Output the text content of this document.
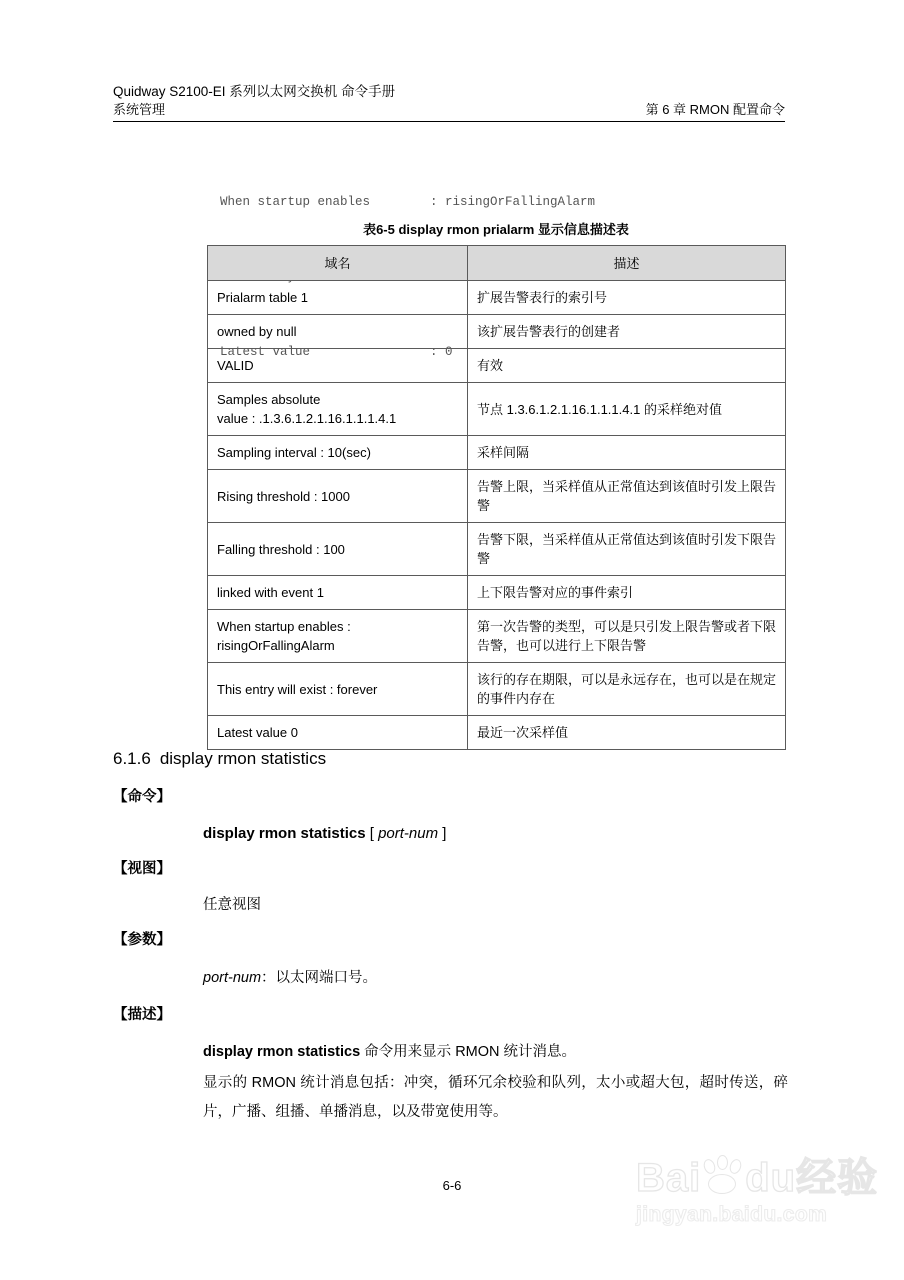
Quidway S2100-EI 系列以太网交换机 命令手册
系统管理	第 6 章 RMON 配置命令

When startup enables	: risingOrFallingAlarm

Latest value	: 0

表6-5 display rmon prialarm 显示信息描述表
域名	描述
Prialarm table 1	扩展告警表行的索引号
owned by null	该扩展告警表行的创建者
VALID	有效
Samples absolute
value : .1.3.6.1.2.1.16.1.1.1.4.1	节点 1.3.6.1.2.1.16.1.1.1.4.1 的采样绝对值
Sampling interval : 10(sec)	采样间隔
Rising threshold : 1000	告警上限，当采样值从正常值达到该值时引发上限告警
Falling threshold : 100	告警下限，当采样值从正常值达到该值时引发下限告警
linked with event 1	上下限告警对应的事件索引
When startup enables :
risingOrFallingAlarm	第一次告警的类型，可以是只引发上限告警或者下限告警，也可以进行上下限告警
This entry will exist : forever	该行的存在期限，可以是永远存在，也可以是在规定的事件内存在
Latest value 0	最近一次采样值
6.1.6 display rmon statistics
【命令】
display rmon statistics [ port-num ]
【视图】
任意视图
【参数】
port-num：以太网端口号。
【描述】

display rmon statistics 命令用来显示 RMON 统计消息。

显示的 RMON 统计消息包括：冲突，循环冗余校验和队列，太小或超大包，超时传送，碎片，广播、组播、单播消息，以及带宽使用等。

6-6	Bai du经验
jingyan.baidu.com
